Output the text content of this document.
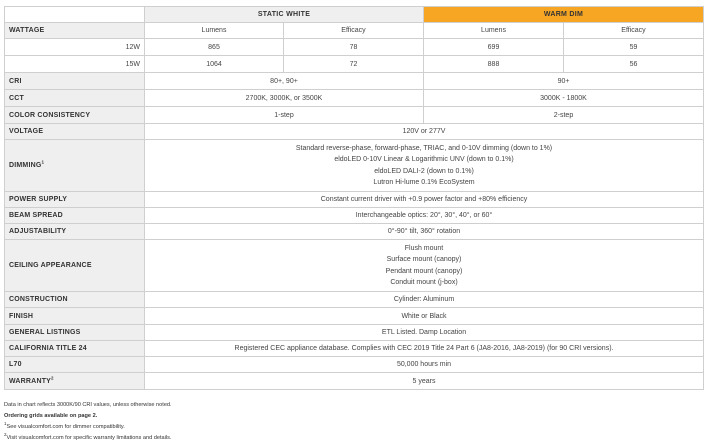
	STATIC WHITE		WARM DIM	
WATTAGE	Lumens	Efficacy	Lumens	Efficacy
12W	865	78	699	59
15W	1064	72	888	56
CRI	80+, 90+		90+	
CCT	2700K, 3000K, or 3500K		3000K - 1800K	
COLOR CONSISTENCY	1-step		2-step	
VOLTAGE	120V or 277V			
DIMMING$^1$	Standard reverse-phase, forward-phase, TRIAC, and 0-10V dimming (down to 1%)
eldoLED 0-10V Linear & Logarithmic UNV (down to 0.1%)
eldoLED DALI-2 (down to 0.1%)
Lutron Hi-lume 0.1% EcoSystem			

POWER SUPPLY	Constant current driver with +0.9 power factor and +80% efficiency			
BEAM SPREAD	Interchangeable optics: 20°, 30°, 40°, or 60°			
ADJUSTABILITY	0°-90° tilt, 360° rotation			
CEILING APPEARANCE	Flush mount
Surface mount (canopy)
Pendant mount (canopy)
Conduit mount (j-box)			

CONSTRUCTION	Cylinder: Aluminum			
FINISH	White or Black			
GENERAL LISTINGS	ETL Listed. Damp Location			
CALIFORNIA TITLE 24	Registered CEC appliance database. Complies with CEC 2019 Title 24 Part 6 (JA8-2016, JA8-2019) (for 90 CRI versions).			
L70	50,000 hours min			
WARRANTY$^2$	5 years			
Data in chart reflects 3000K/90 CRI values, unless otherwise noted.
Ordering grids available on page 2.
$^1$See visualcomfort.com for dimmer compatibility.
$^2$Visit visualcomfort.com for specific warranty limitations and details.
